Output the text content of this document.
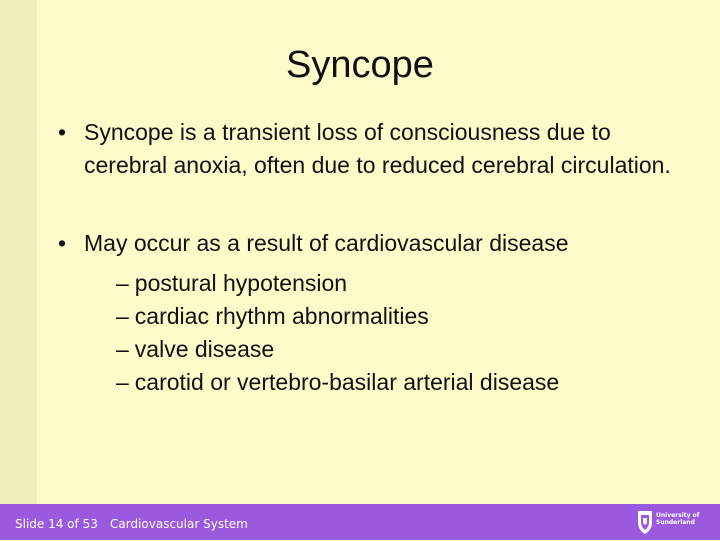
Syncope
• Syncope is a transient loss of consciousness due to cerebral anoxia, often due to reduced cerebral circulation.
• May occur as a result of cardiovascular disease
– postural hypotension
– cardiac rhythm abnormalities
– valve disease
– carotid or vertebro-basilar arterial disease
Slide 14 of 53 Cardiovascular System
University of
Sunderland
